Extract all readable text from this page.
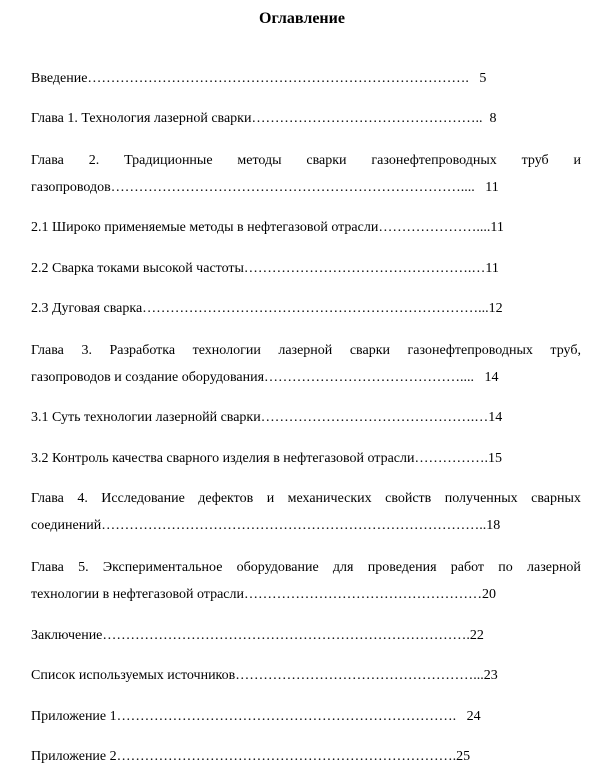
Оглавление
Введение……………………………………………………………………….   5
Глава 1. Технология лазерной сварки…………………………………………..  8
Глава 2. Традиционные методы сварки газонефтепроводных труб и
газопроводов…………………………………………………………………....   11
2.1 Широко применяемые методы в нефтегазовой отрасли…………………....11
2.2 Сварка токами высокой частоты………………………………………….…11
2.3 Дуговая сварка………………………………………………………………...12
Глава 3. Разработка технологии лазерной сварки газонефтепроводных труб,
газопроводов и создание оборудования……………………………………....   14
3.1 Суть технологии лазернойй сварки……………………………………….…14
3.2 Контроль качества сварного изделия в нефтегазовой отрасли…………….15
Глава 4. Исследование дефектов и механических свойств полученных сварных
соединений………………………………………………………………………..18
Глава 5. Экспериментальное оборудование для проведения работ по лазерной
технологии в нефтегазовой отрасли……………………………………………20
Заключение…………………………………………………………………….22
Список используемых источников……………………………………………...23
Приложение 1……………………………………………………………….   24
Приложение 2……………………………………………………………….25
